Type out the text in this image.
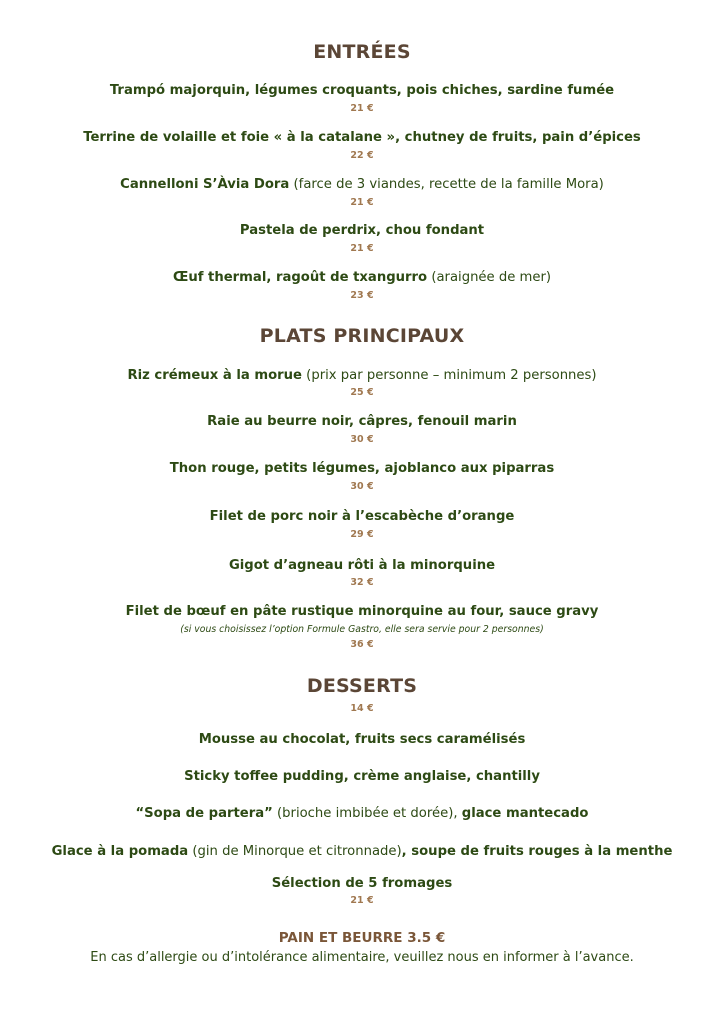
ENTRÉES
Trampó majorquin, légumes croquants, pois chiches, sardine fumée
21 €
Terrine de volaille et foie « à la catalane », chutney de fruits, pain d’épices
22 €
Cannelloni S’Àvia Dora (farce de 3 viandes, recette de la famille Mora)
21 €
Pastela de perdrix, chou fondant
21 €
Œuf thermal, ragoût de txangurro (araignée de mer)
23 €
PLATS PRINCIPAUX
Riz crémeux à la morue (prix par personne – minimum 2 personnes)
25 €
Raie au beurre noir, câpres, fenouil marin
30 €
Thon rouge, petits légumes, ajoblanco aux piparras
30 €
Filet de porc noir à l’escabèche d’orange
29 €
Gigot d’agneau rôti à la minorquine
32 €
Filet de bœuf en pâte rustique minorquine au four, sauce gravy
(si vous choisissez l’option Formule Gastro, elle sera servie pour 2 personnes)
36 €
DESSERTS
14 €
Mousse au chocolat, fruits secs caramélisés
Sticky toffee pudding, crème anglaise, chantilly
“Sopa de partera” (brioche imbibée et dorée), glace mantecado
Glace à la pomada (gin de Minorque et citronnade), soupe de fruits rouges à la menthe
Sélection de 5 fromages
21 €
PAIN ET BEURRE 3.5 €
En cas d’allergie ou d’intolérance alimentaire, veuillez nous en informer à l’avance.
